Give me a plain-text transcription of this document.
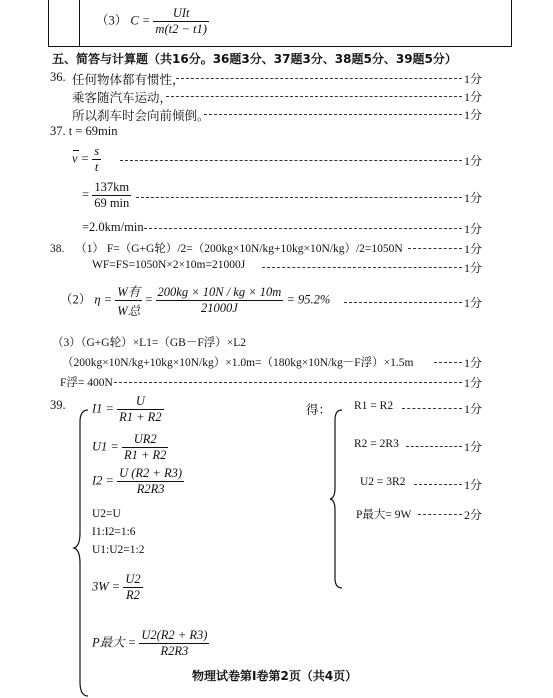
（3） $C = \frac{\text{UIt}}{m(t2 - t1)}$
五、简答与计算题（共16分。36题3分、37题3分、38题5分、39题5分）
36. 任何物体都有惯性，	1分
乘客随汽车运动，	1分
所以刹车时会向前倾倒。	1分
37. t = 69min
$v = \frac{s}{t}$	1分
= $\frac{137km}{69 \min}$	1分
=2.0km/min	1分
38. （1） F=（G+G轮）/2=（200kg×10N/kg+10kg×10N/kg）/2=1050N	1分
WF=FS=1050N×2×10m=21000J	1分
（2） $\eta = \frac{\text{W有}}{\text{W总}} = \frac{200kg \times 10N / kg \times 10m}{21000J} = 95.2\%$	1分
（3）（G+G轮）×L1=（GB－F浮）×L2
（200kg×10N/kg+10kg×10N/kg）×1.0m=（180kg×10N/kg－F浮）×1.5m	1分
F浮= 400N	1分
39. $I1 = \frac{U}{R1 + R2}$
$U1 = \frac{UR2}{R1 + R2}$
$I2 = \frac{U (R2 + R3)}{R2R3}$
U2=U
I1:I2=1:6
U1:U2=1:2
$3W = \frac{U2}{R2}$
P最大 = $\frac{U2(R2 + R3)}{R2R3}$
得： R1 = R2	1分
R2 = 2R3	1分
U2 = 3R2	1分
P最大= 9W	2分
物理试卷第Ⅰ卷第2页（共4页）
